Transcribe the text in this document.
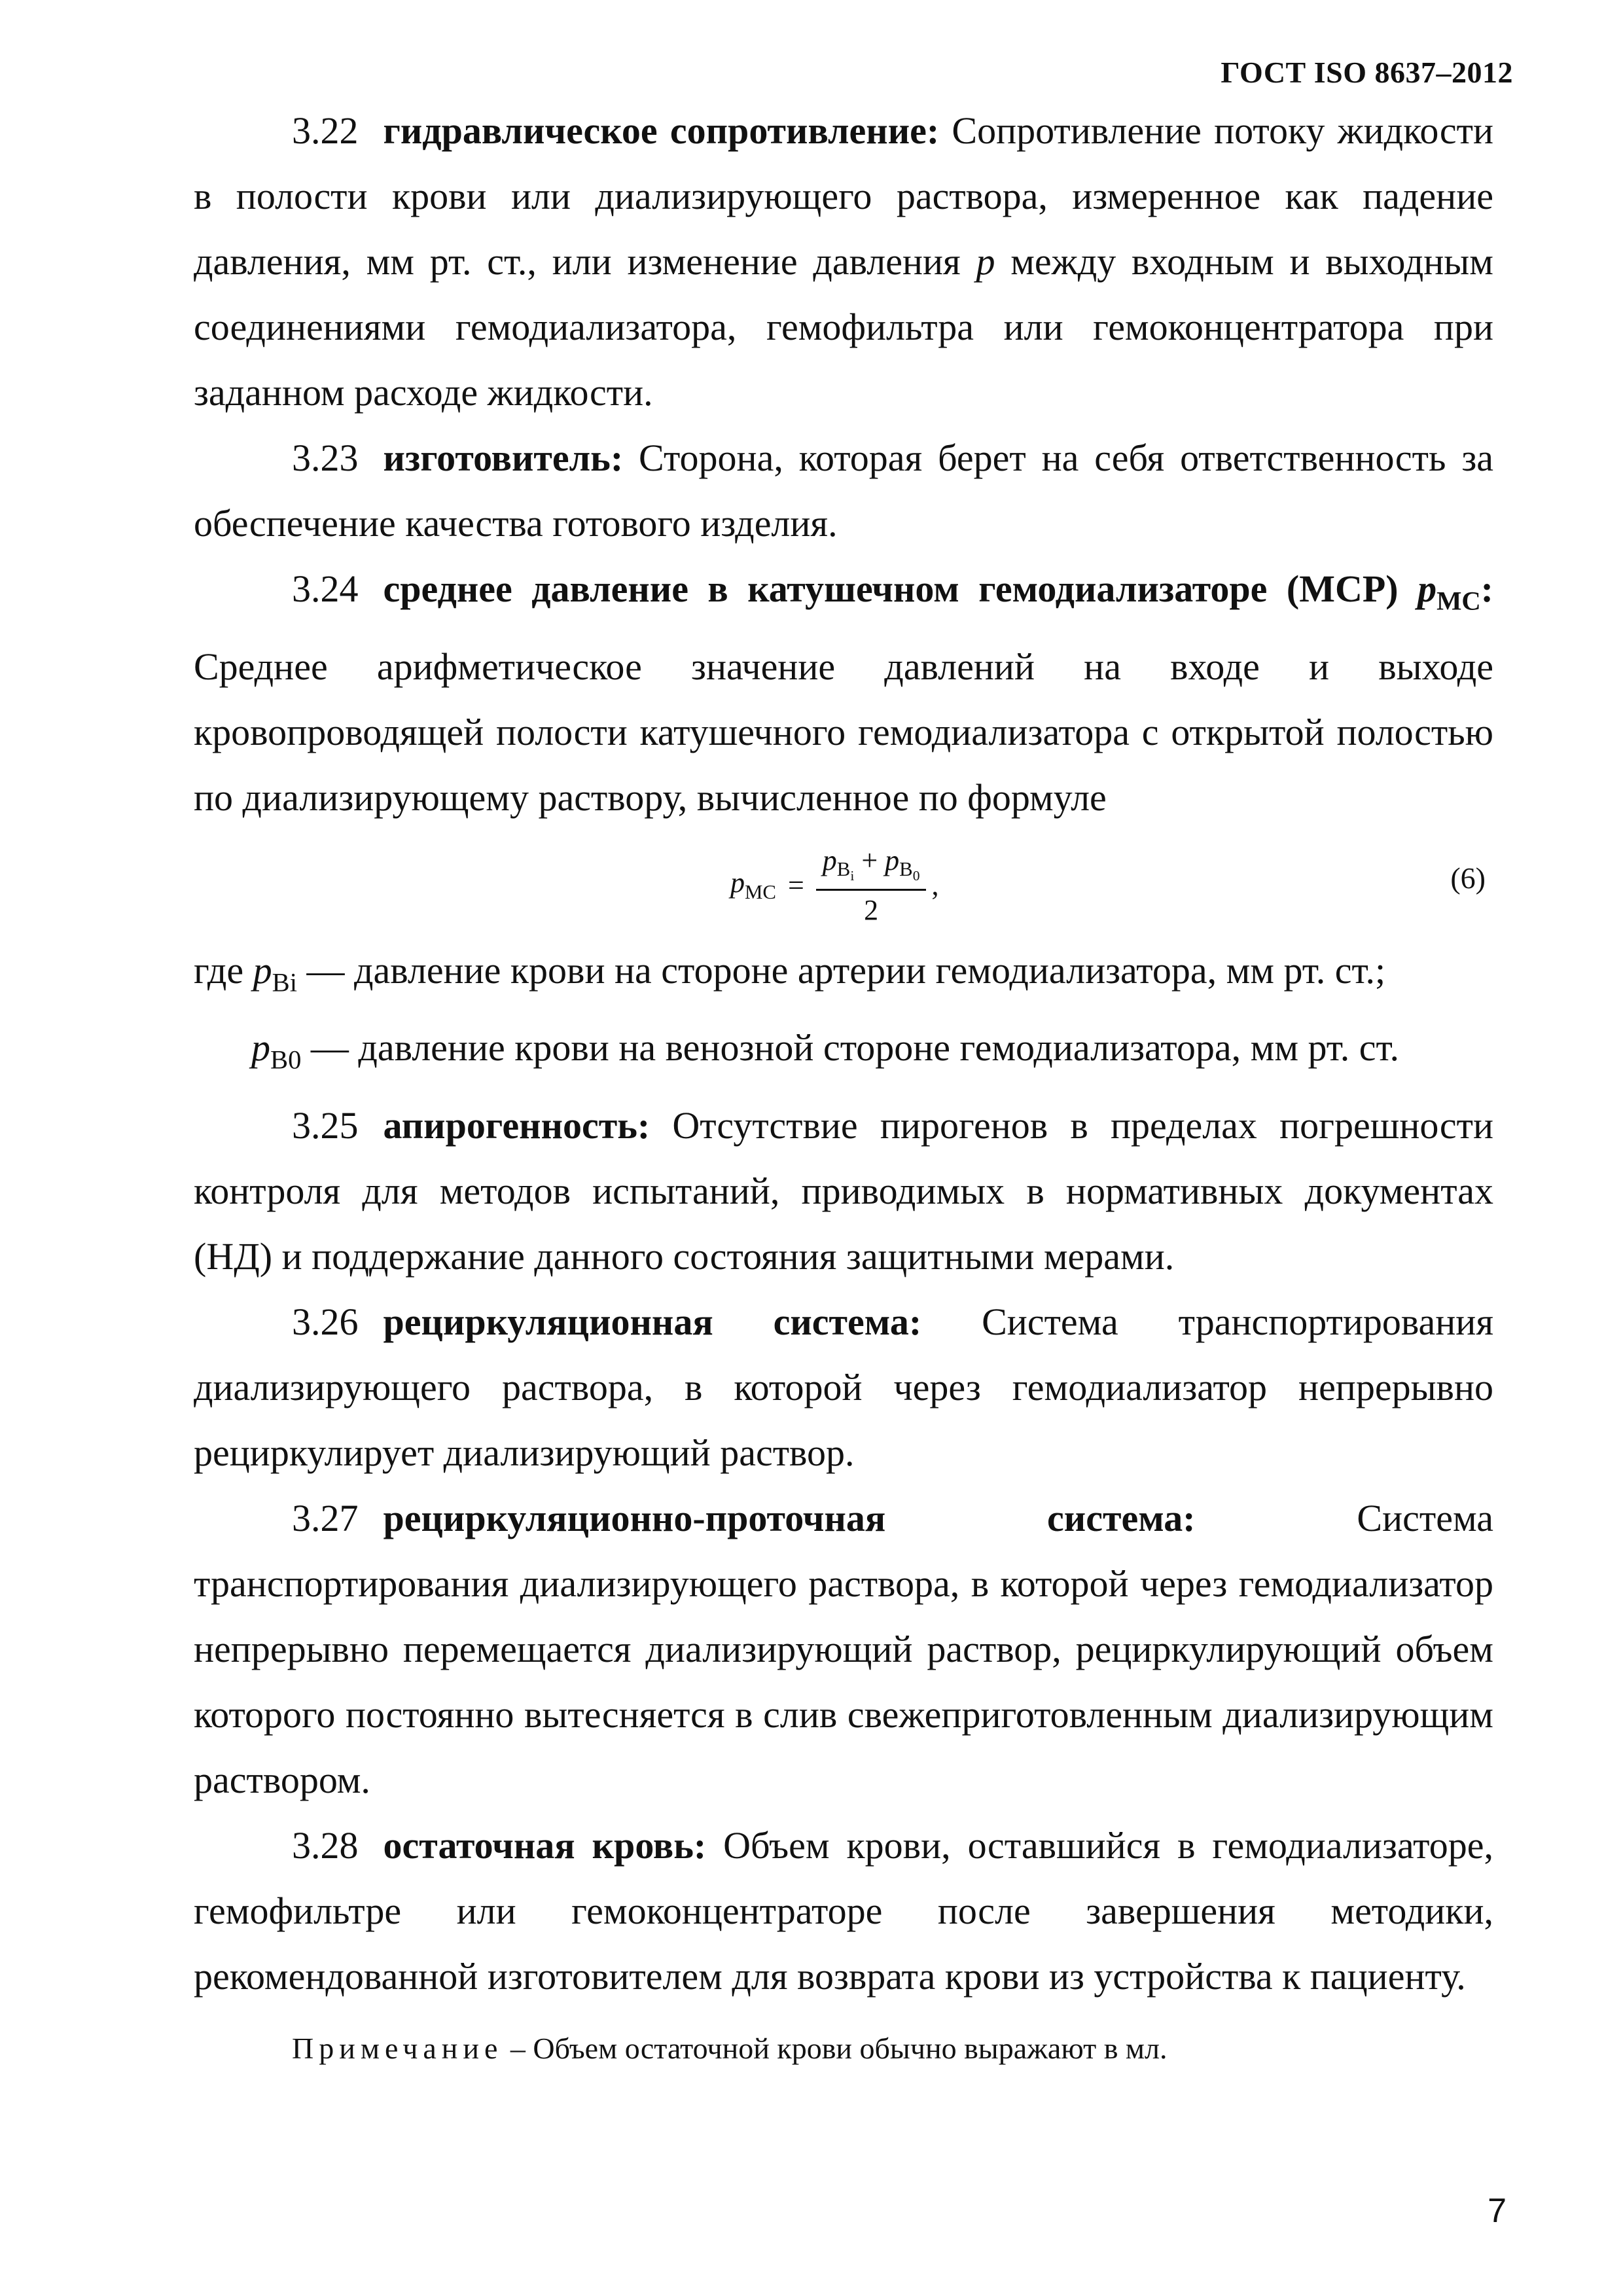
ГОСТ ISO 8637–2012

3.22 гидравлическое сопротивление: Сопротивление потоку жидкости в полости крови или диализирующего раствора, измеренное как падение давления, мм рт. ст., или изменение давления p между входным и выходным соединениями гемодиализатора, гемофильтра или гемоконцентратора при заданном расходе жидкости.

3.23 изготовитель: Сторона, которая берет на себя ответственность за обеспечение качества готового изделия.

3.24 среднее давление в катушечном гемодиализаторе (МСР) $p_{МС}$: Среднее арифметическое значение давлений на входе и выходе кровопроводящей полости катушечного гемодиализатора с открытой полостью по диализирующему раствору, вычисленное по формуле

$p_{MC} = \frac{p_{B_i} + p_{B_0}}{2}$ ,	(6)

где $p_{Bi}$ — давление крови на стороне артерии гемодиализатора, мм рт. ст.;

$p_{B0}$ — давление крови на венозной стороне гемодиализатора, мм рт. ст.

3.25 апирогенность: Отсутствие пирогенов в пределах погрешности контроля для методов испытаний, приводимых в нормативных документах (НД) и поддержание данного состояния защитными мерами.

3.26 рециркуляционная система: Система транспортирования диализирующего раствора, в которой через гемодиализатор непрерывно рециркулирует диализирующий раствор.

3.27 рециркуляционно-проточная система: Система транспортирования диализирующего раствора, в которой через гемодиализатор непрерывно перемещается диализирующий раствор, рециркулирующий объем которого постоянно вытесняется в слив свежеприготовленным диализирующим раствором.

3.28 остаточная кровь: Объем крови, оставшийся в гемодиализаторе, гемофильтре или гемоконцентраторе после завершения методики, рекомендованной изготовителем для возврата крови из устройства к пациенту.

Примечание – Объем остаточной крови обычно выражают в мл.

7
